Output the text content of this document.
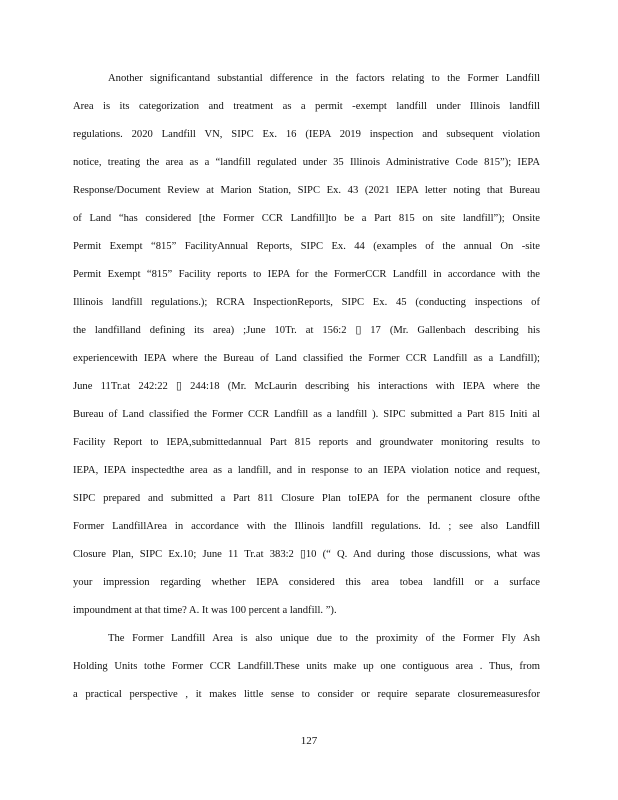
Another significantand substantial difference in the factors relating to the Former Landfill
Area is its categorization and treatment as a permit -exempt landfill under Illinois landfill
regulations. 2020 Landfill VN, SIPC Ex. 16 (IEPA 2019 inspection and subsequent violation
notice, treating the area as a “landfill regulated under 35 Illinois Administrative Code 815”); IEPA
Response/Document Review at Marion Station, SIPC Ex. 43 (2021 IEPA letter noting that Bureau
of Land “has considered [the Former CCR Landfill]to be a Part 815 on site landfill”); Onsite
Permit Exempt “815” FacilityAnnual Reports, SIPC Ex. 44 (examples of the annual On -site
Permit Exempt “815” Facility reports to IEPA for the FormerCCR Landfill in accordance with the
Illinois landfill regulations.); RCRA InspectionReports, SIPC Ex. 45 (conducting inspections of
the landfilland defining its area) ;June 10Tr. at 156:2 ▯ 17 (Mr. Gallenbach describing his
experiencewith IEPA where the Bureau of Land classified the Former CCR Landfill as a Landfill);
June 11Tr.at 242:22 ▯ 244:18 (Mr. McLaurin describing his interactions with IEPA where the
Bureau of Land classified the Former CCR Landfill as a landfill ). SIPC submitted a Part 815 Initi al
Facility Report to IEPA,submittedannual Part 815 reports and groundwater monitoring results to
IEPA, IEPA inspectedthe area as a landfill, and in response to an IEPA violation notice and request,
SIPC prepared and submitted a Part 811 Closure Plan toIEPA for the permanent closure ofthe
Former LandfillArea in accordance with the Illinois landfill regulations. Id. ; see also Landfill
Closure Plan, SIPC Ex.10; June 11 Tr.at 383:2 ▯10 (“ Q. And during those discussions, what was
your impression regarding whether IEPA considered this area tobea landfill or a surface
impoundment at that time? A. It was 100 percent a landfill. ”).
The Former Landfill Area is also unique due to the proximity of the Former Fly Ash
Holding Units tothe Former CCR Landfill.These units make up one contiguous area . Thus, from
a practical perspective , it makes little sense to consider or require separate closuremeasuresfor
127
